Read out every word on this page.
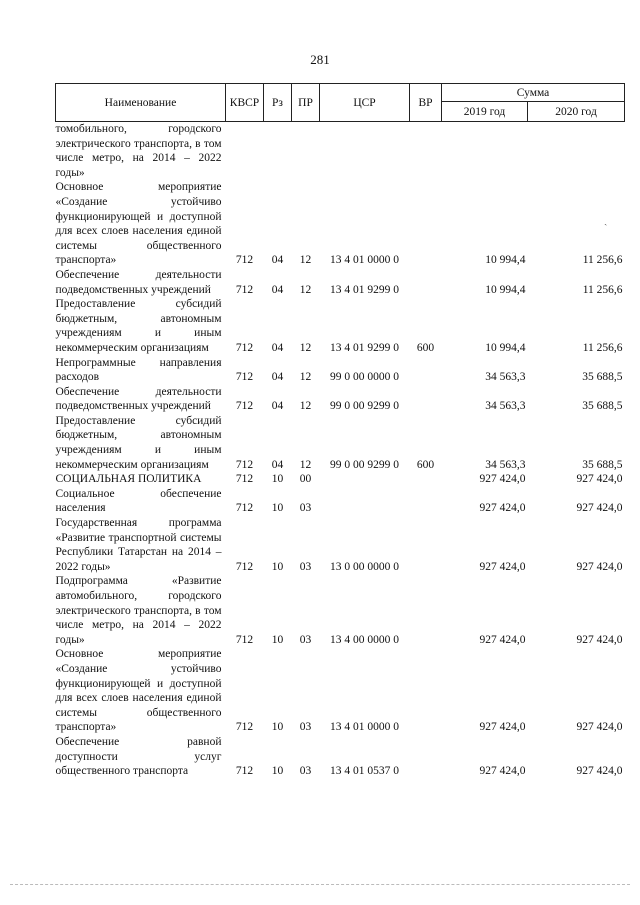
281
Наименование	КВСР	Рз	ПР	ЦСР	ВР	Сумма	
						2019 год	2020 год
томобильного, городского электрического транспорта, в том числе метро, на 2014 – 2022 годы»							
Основное мероприятие «Создание устойчиво функционирующей и доступной для всех слоев населения единой системы общественного транспорта»	712	04	12	13 4 01 0000 0		10 994,4	11 256,6
Обеспечение деятельности подведомственных учреждений	712	04	12	13 4 01 9299 0		10 994,4	11 256,6
Предоставление субсидий бюджетным, автономным учреждениям и иным некоммерческим организациям	712	04	12	13 4 01 9299 0	600	10 994,4	11 256,6
Непрограммные направления расходов	712	04	12	99 0 00 0000 0		34 563,3	35 688,5
Обеспечение деятельности подведомственных учреждений	712	04	12	99 0 00 9299 0		34 563,3	35 688,5
Предоставление субсидий бюджетным, автономным учреждениям и иным некоммерческим организациям	712	04	12	99 0 00 9299 0	600	34 563,3	35 688,5
СОЦИАЛЬНАЯ ПОЛИТИКА	712	10	00			927 424,0	927 424,0
Социальное обеспечение населения	712	10	03			927 424,0	927 424,0
Государственная программа «Развитие транспортной системы Республики Татарстан на 2014 – 2022 годы»	712	10	03	13 0 00 0000 0		927 424,0	927 424,0
Подпрограмма «Развитие автомобильного, городского электрического транспорта, в том числе метро, на 2014 – 2022 годы»	712	10	03	13 4 00 0000 0		927 424,0	927 424,0
Основное мероприятие «Создание устойчиво функционирующей и доступной для всех слоев населения единой системы общественного транспорта»	712	10	03	13 4 01 0000 0		927 424,0	927 424,0
Обеспечение равной доступности услуг общественного транспорта	712	10	03	13 4 01 0537 0		927 424,0	927 424,0
ˏ
